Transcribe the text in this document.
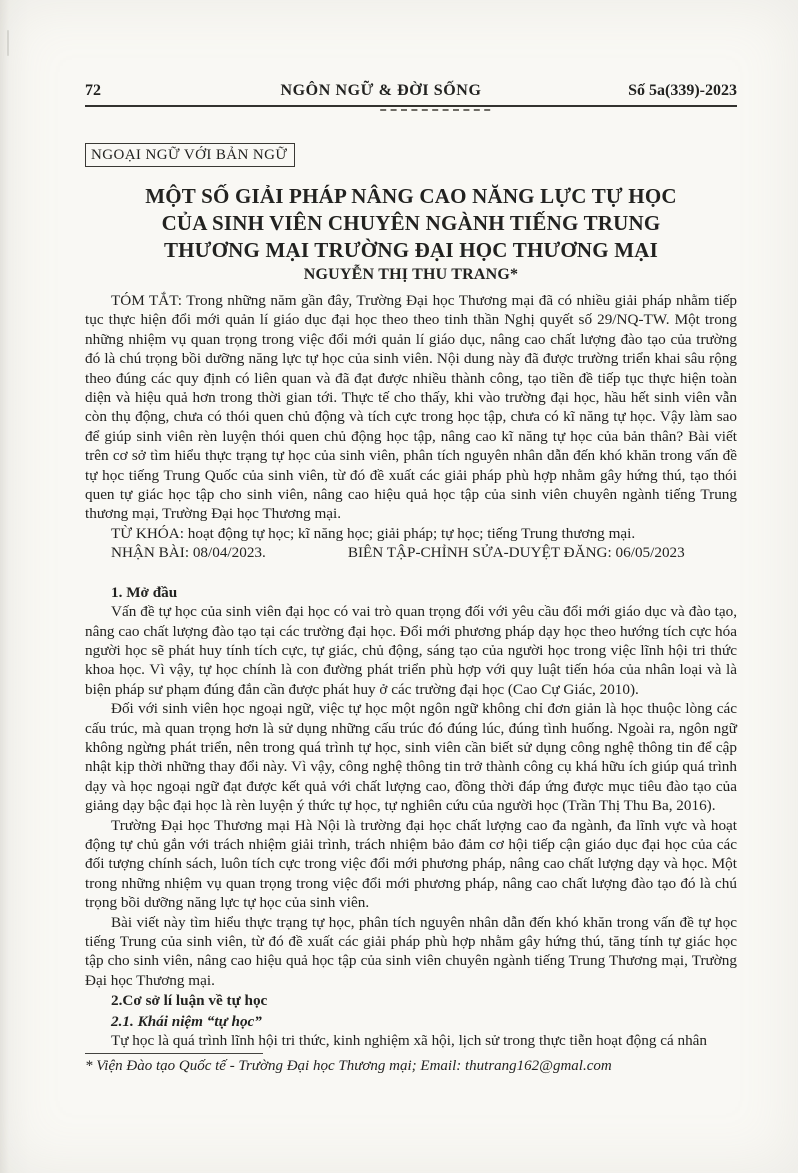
72	NGÔN NGỮ & ĐỜI SỐNG	Số 5a(339)-2023
NGOẠI NGỮ VỚI BẢN NGỮ
MỘT SỐ GIẢI PHÁP NÂNG CAO NĂNG LỰC TỰ HỌC
CỦA SINH VIÊN CHUYÊN NGÀNH TIẾNG TRUNG
THƯƠNG MẠI TRƯỜNG ĐẠI HỌC THƯƠNG MẠI
NGUYỄN THỊ THU TRANG*

TÓM TẮT: Trong những năm gần đây, Trường Đại học Thương mại đã có nhiều giải pháp nhằm tiếp tục thực hiện đổi mới quản lí giáo dục đại học theo theo tinh thần Nghị quyết số 29/NQ-TW. Một trong những nhiệm vụ quan trọng trong việc đổi mới quản lí giáo dục, nâng cao chất lượng đào tạo của trường đó là chú trọng bồi dưỡng năng lực tự học của sinh viên. Nội dung này đã được trường triển khai sâu rộng theo đúng các quy định có liên quan và đã đạt được nhiều thành công, tạo tiền đề tiếp tục thực hiện toàn diện và hiệu quả hơn trong thời gian tới. Thực tế cho thấy, khi vào trường đại học, hầu hết sinh viên vẫn còn thụ động, chưa có thói quen chủ động và tích cực trong học tập, chưa có kĩ năng tự học. Vậy làm sao để giúp sinh viên rèn luyện thói quen chủ động học tập, nâng cao kĩ năng tự học của bản thân? Bài viết trên cơ sở tìm hiểu thực trạng tự học của sinh viên, phân tích nguyên nhân dẫn đến khó khăn trong vấn đề tự học tiếng Trung Quốc của sinh viên, từ đó đề xuất các giải pháp phù hợp nhằm gây hứng thú, tạo thói quen tự giác học tập cho sinh viên, nâng cao hiệu quả học tập của sinh viên chuyên ngành tiếng Trung thương mại, Trường Đại học Thương mại.

TỪ KHÓA: hoạt động tự học; kĩ năng học; giải pháp; tự học; tiếng Trung thương mại.

NHẬN BÀI: 08/04/2023.	BIÊN TẬP-CHỈNH SỬA-DUYỆT ĐĂNG: 06/05/2023
1. Mở đầu

Vấn đề tự học của sinh viên đại học có vai trò quan trọng đối với yêu cầu đổi mới giáo dục và đào tạo, nâng cao chất lượng đào tạo tại các trường đại học. Đổi mới phương pháp dạy học theo hướng tích cực hóa người học sẽ phát huy tính tích cực, tự giác, chủ động, sáng tạo của người học trong việc lĩnh hội tri thức khoa học. Vì vậy, tự học chính là con đường phát triển phù hợp với quy luật tiến hóa của nhân loại và là biện pháp sư phạm đúng đắn cần được phát huy ở các trường đại học (Cao Cự Giác, 2010).

Đối với sinh viên học ngoại ngữ, việc tự học một ngôn ngữ không chỉ đơn giản là học thuộc lòng các cấu trúc, mà quan trọng hơn là sử dụng những cấu trúc đó đúng lúc, đúng tình huống. Ngoài ra, ngôn ngữ không ngừng phát triển, nên trong quá trình tự học, sinh viên cần biết sử dụng công nghệ thông tin để cập nhật kịp thời những thay đổi này. Vì vậy, công nghệ thông tin trở thành công cụ khá hữu ích giúp quá trình dạy và học ngoại ngữ đạt được kết quả với chất lượng cao, đồng thời đáp ứng được mục tiêu đào tạo của giảng dạy bậc đại học là rèn luyện ý thức tự học, tự nghiên cứu của người học (Trần Thị Thu Ba, 2016).

Trường Đại học Thương mại Hà Nội là trường đại học chất lượng cao đa ngành, đa lĩnh vực và hoạt động tự chủ gắn với trách nhiệm giải trình, trách nhiệm bảo đảm cơ hội tiếp cận giáo dục đại học của các đối tượng chính sách, luôn tích cực trong việc đổi mới phương pháp, nâng cao chất lượng dạy và học. Một trong những nhiệm vụ quan trọng trong việc đổi mới phương pháp, nâng cao chất lượng đào tạo đó là chú trọng bồi dưỡng năng lực tự học của sinh viên.

Bài viết này tìm hiểu thực trạng tự học, phân tích nguyên nhân dẫn đến khó khăn trong vấn đề tự học tiếng Trung của sinh viên, từ đó đề xuất các giải pháp phù hợp nhằm gây hứng thú, tăng tính tự giác học tập cho sinh viên, nâng cao hiệu quả học tập của sinh viên chuyên ngành tiếng Trung Thương mại, Trường Đại học Thương mại.

2.Cơ sở lí luận về tự học
2.1. Khái niệm “tự học”

Tự học là quá trình lĩnh hội tri thức, kinh nghiệm xã hội, lịch sử trong thực tiễn hoạt động cá nhân

* Viện Đào tạo Quốc tế - Trường Đại học Thương mại; Email: thutrang162@gmal.com
